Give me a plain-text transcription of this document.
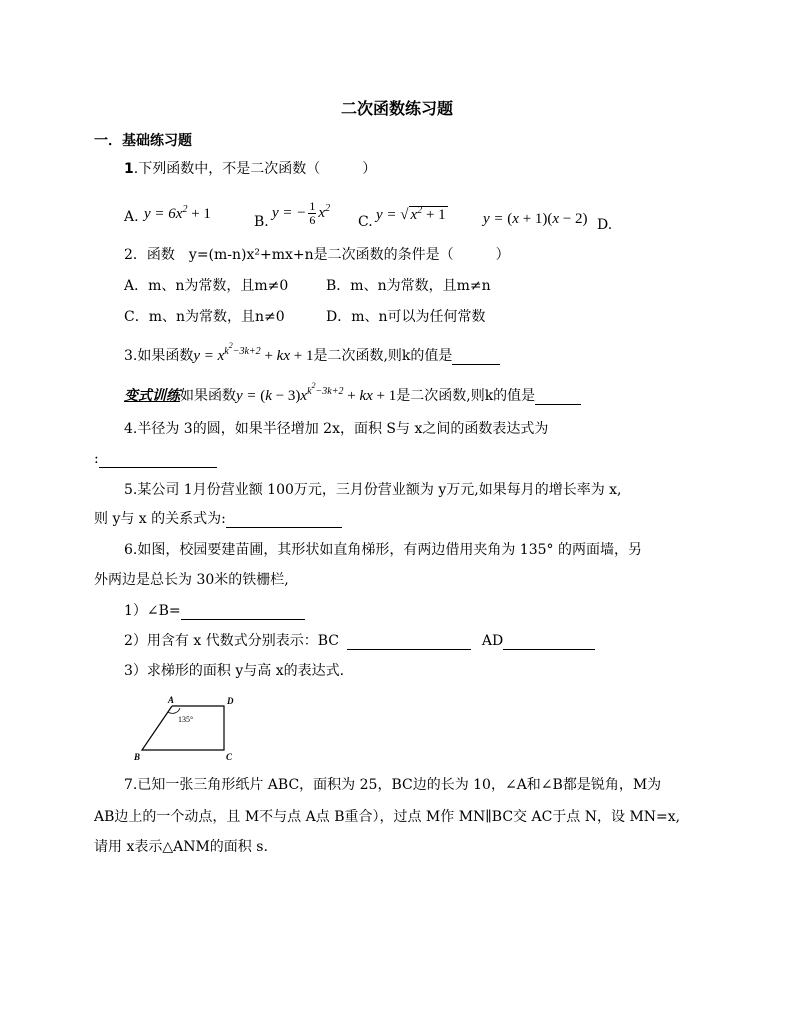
二次函数练习题
一．基础练习题
1.下列函数中，不是二次函数（　　　）
A. $y = 6x^2 + 1$	B.
y = − $\frac{1}{6} x^2$
C. y = √ $x^2 + 1$ y = (x + 1)(x − 2) D.
2．函数　y=(m-n)x²+mx+n是二次函数的条件是（　　　）
A．m、n为常数，且m≠0	B．m、n为常数，且m≠n
C．m、n为常数，且n≠0	D．m、n可以为任何常数
3.如果函数$y = x^{k^2-3k+2}$ + kx + 1是二次函数,则k的值是
变式训练如果函数$y = (k - 3)x^{k^2-3k+2}$ + kx + 1是二次函数,则k的值是
4.半径为 3的圆，如果半径增加 2x，面积 S与 x之间的函数表达式为
:
5.某公司 1月份营业额 100万元，三月份营业额为 y万元,如果每月的增长率为 x,
则 y与 x 的关系式为:
6.如图，校园要建苗圃，其形状如直角梯形，有两边借用夹角为 135° 的两面墙，另
外两边是总长为 30米的铁栅栏,
1）∠B=
2）用含有 x 代数式分别表示：BC	AD
3）求梯形的面积 y与高 x的表达式.
A	D
B	C
135°
7.已知一张三角形纸片 ABC，面积为 25，BC边的长为 10，∠A和∠B都是锐角，M为
AB边上的一个动点，且 M不与点 A点 B重合），过点 M作 MN∥BC交 AC于点 N，设 MN=x,
请用 x表示△ANM的面积 s.
